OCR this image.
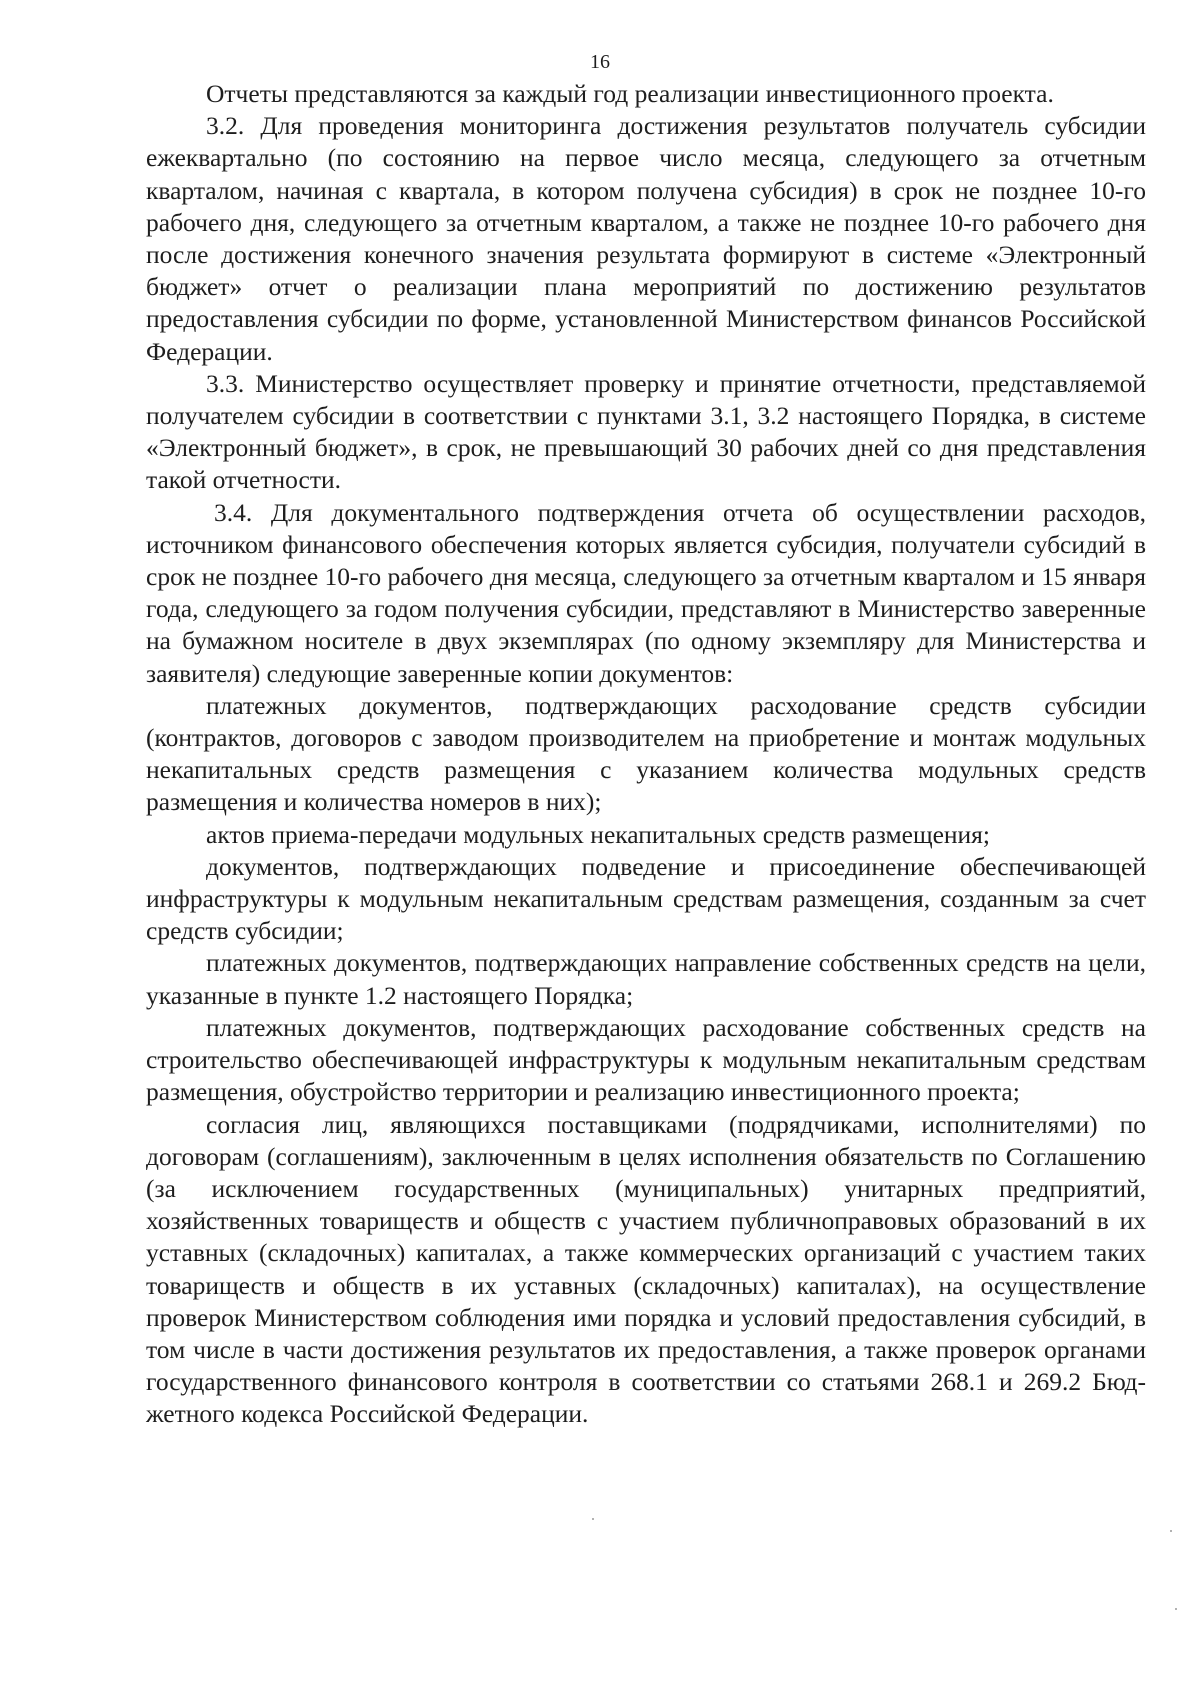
16

Отчеты представляются за каждый год реализации инвестиционного проекта.

3.2. Для проведения мониторинга достижения результатов получатель субсидии ежеквартально (по состоянию на первое число месяца, следующего за отчетным кварталом, начиная с квартала, в котором получена субсидия) в срок не позднее 10-го рабочего дня, следующего за отчетным кварталом, а также не позднее 10-го рабочего дня после достижения конечного значения результата формируют в системе «Электронный бюджет» отчет о реализации плана мероприятий по достижению результатов предоставления субсидии по форме, установленной Министерством финансов Российской Федерации.

3.3. Министерство осуществляет проверку и принятие отчетности, представляемой получателем субсидии в соответствии с пунктами 3.1, 3.2 настоящего Порядка, в системе «Электронный бюджет», в срок, не превышающий 30 рабочих дней со дня представления такой отчетности.

3.4. Для документального подтверждения отчета об осуществлении расходов, источником финансового обеспечения которых является субсидия, получатели субсидий в срок не позднее 10-го рабочего дня месяца, следующего за отчетным кварталом и 15 января года, следующего за годом получения субсидии, представляют в Министерство заверенные на бумажном носителе в двух экземплярах (по одному экземпляру для Министерства и заявителя) следующие заверенные копии документов:

платежных документов, подтверждающих расходование средств субсидии (контрактов, договоров с заводом производителем на приобретение и монтаж модульных некапитальных средств размещения с указанием количества модульных средств размещения и количества номеров в них);

актов приема-передачи модульных некапитальных средств размещения;

документов, подтверждающих подведение и присоединение обеспечивающей инфраструктуры к модульным некапитальным средствам размещения, созданным за счет средств субсидии;

платежных документов, подтверждающих направление собственных средств на цели, указанные в пункте 1.2 настоящего Порядка;

платежных документов, подтверждающих расходование собственных средств на строительство обеспечивающей инфраструктуры к модульным некапитальным средствам размещения, обустройство территории и реализацию инвестиционного проекта;

согласия лиц, являющихся поставщиками (подрядчиками, исполнителями) по договорам (соглашениям), заключенным в целях исполнения обязательств по Соглашению (за исключением государственных (муниципальных) унитарных предприятий, хозяйственных товариществ и обществ с участием публичноправовых образований в их уставных (складочных) капиталах, а также коммерческих организаций с участием таких товариществ и обществ в их уставных (складочных) капиталах), на осуществление проверок Министерством соблюдения ими порядка и условий предоставления субсидий, в том числе в части достижения результатов их предоставления, а также проверок органами государственного финансового контроля в соответствии со статьями 268.1 и 269.2 Бюджетного кодекса Российской Федерации.
